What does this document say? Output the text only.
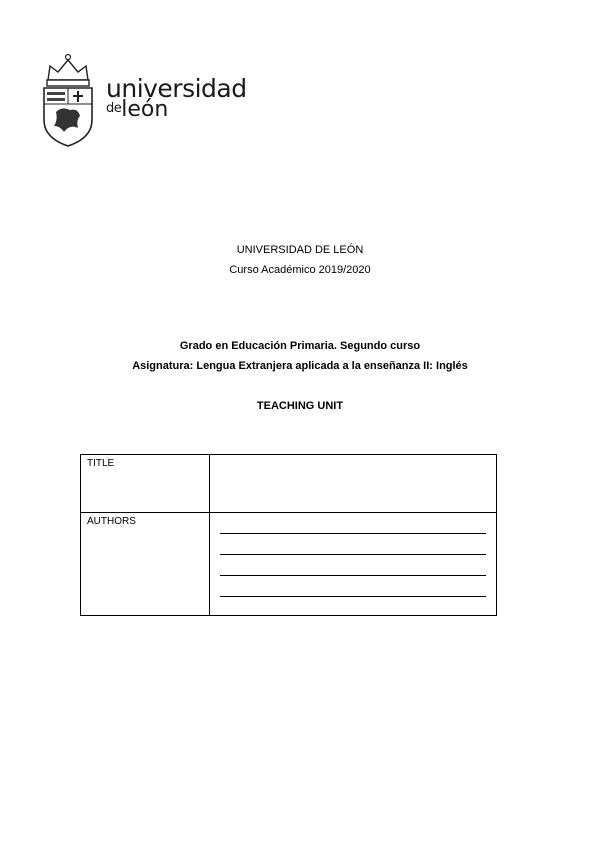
universidad
$^{de}$león
UNIVERSIDAD DE LEÓN
Curso Académico 2019/2020
Grado en Educación Primaria. Segundo curso
Asignatura: Lengua Extranjera aplicada a la enseñanza II: Inglés
TEACHING UNIT
TITLE	
AUTHORS	
